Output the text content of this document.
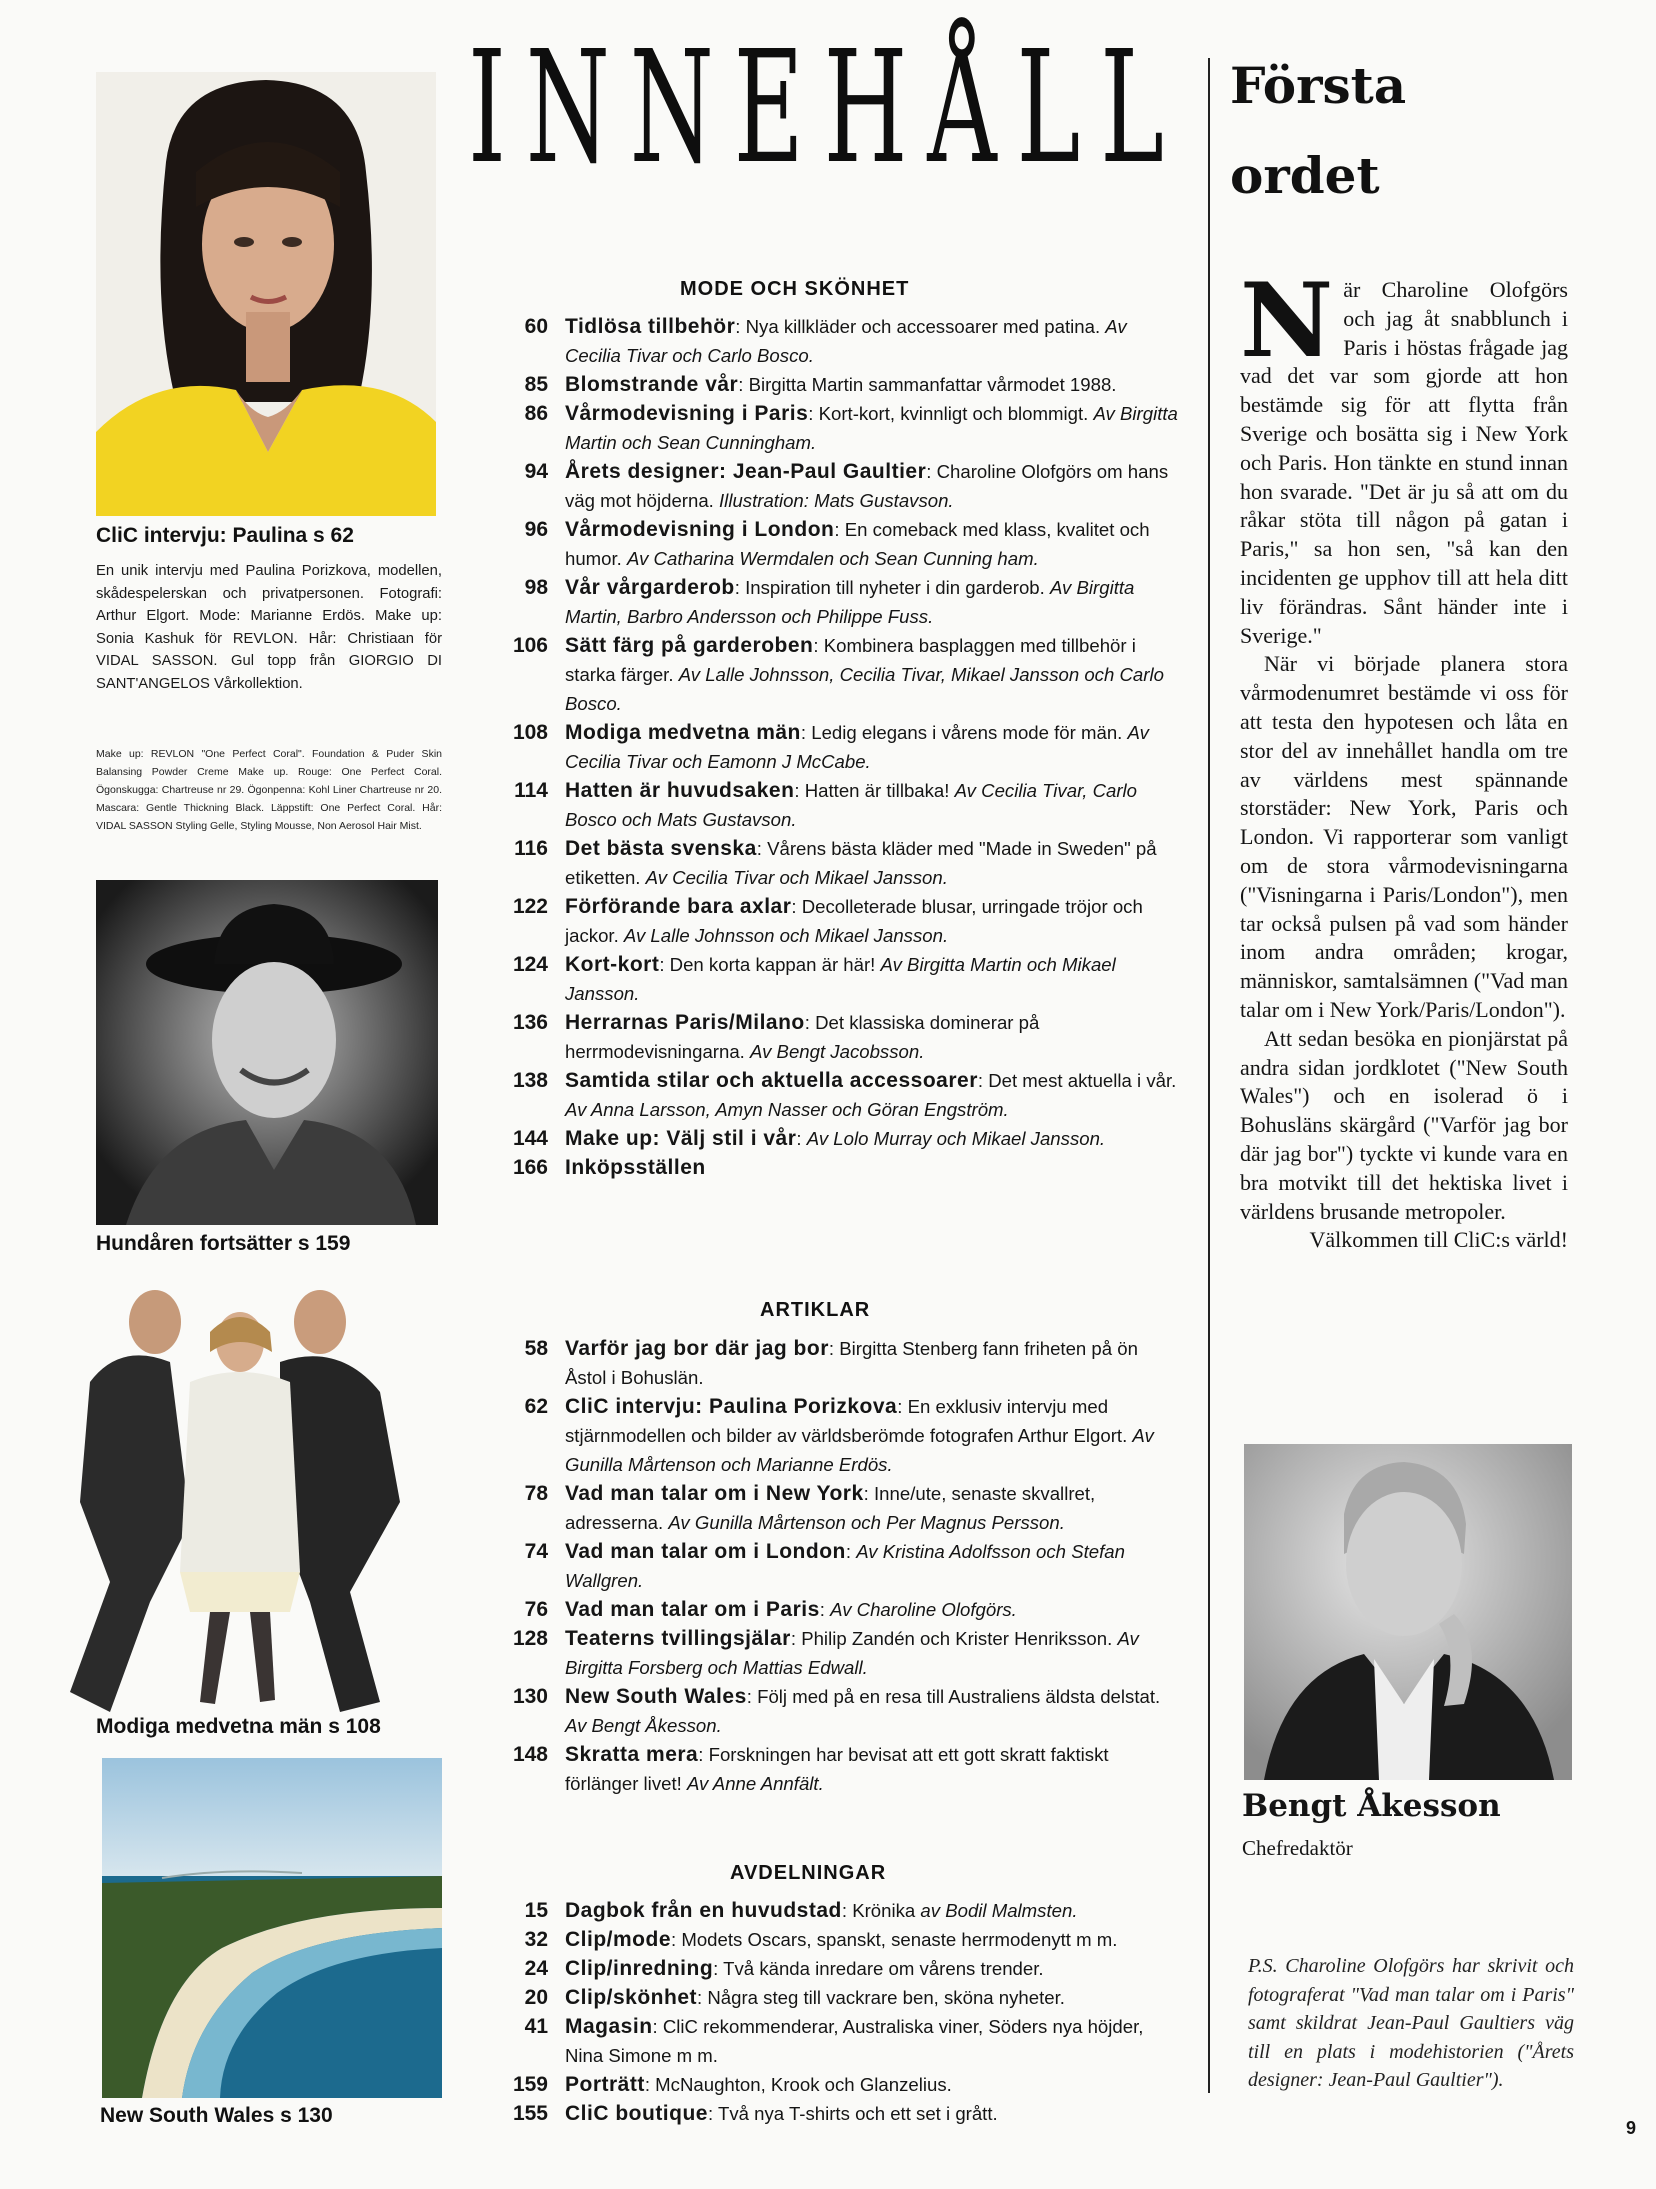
CliC intervju: Paulina s 62
En unik intervju med Paulina Porizkova, modellen, skådespelerskan och privatpersonen. Fotografi: Arthur Elgort. Mode: Marianne Erdös. Make up: Sonia Kashuk för REVLON. Hår: Christiaan för VIDAL SASSON. Gul topp från GIORGIO DI SANT'ANGELOS Vårkollektion.
Make up: REVLON "One Perfect Coral". Foundation & Puder Skin Balansing Powder Creme Make up. Rouge: One Perfect Coral. Ögonskugga: Chartreuse nr 29. Ögonpenna: Kohl Liner Chartreuse nr 20. Mascara: Gentle Thickning Black. Läppstift: One Perfect Coral. Hår: VIDAL SASSON Styling Gelle, Styling Mousse, Non Aerosol Hair Mist.
Hundåren fortsätter s 159
Modiga medvetna män s 108
New South Wales s 130
INNEHÅLL
MODE OCH SKÖNHET
60 Tidlösa tillbehör: Nya killkläder och accessoarer med patina. Av Cecilia Tivar och Carlo Bosco.
85 Blomstrande vår: Birgitta Martin sammanfattar vårmodet 1988.
86 Vårmodevisning i Paris: Kort-kort, kvinnligt och blommigt. Av Birgitta Martin och Sean Cunningham.
94 Årets designer: Jean-Paul Gaultier: Charoline Olofgörs om hans väg mot höjderna. Illustration: Mats Gustavson.
96 Vårmodevisning i London: En comeback med klass, kvalitet och humor. Av Catharina Wermdalen och Sean Cunning ham.
98 Vår vårgarderob: Inspiration till nyheter i din garderob. Av Birgitta Martin, Barbro Andersson och Philippe Fuss.
106 Sätt färg på garderoben: Kombinera basplaggen med tillbehör i starka färger. Av Lalle Johnsson, Cecilia Tivar, Mikael Jansson och Carlo Bosco.
108 Modiga medvetna män: Ledig elegans i vårens mode för män. Av Cecilia Tivar och Eamonn J McCabe.
114 Hatten är huvudsaken: Hatten är tillbaka! Av Cecilia Tivar, Carlo Bosco och Mats Gustavson.
116 Det bästa svenska: Vårens bästa kläder med "Made in Sweden" på etiketten. Av Cecilia Tivar och Mikael Jansson.
122 Förförande bara axlar: Decolleterade blusar, urringade tröjor och jackor. Av Lalle Johnsson och Mikael Jansson.
124 Kort-kort: Den korta kappan är här! Av Birgitta Martin och Mikael Jansson.
136 Herrarnas Paris/Milano: Det klassiska dominerar på herrmodevisningarna. Av Bengt Jacobsson.
138 Samtida stilar och aktuella accessoarer: Det mest aktuella i vår. Av Anna Larsson, Amyn Nasser och Göran Engström.
144 Make up: Välj stil i vår: Av Lolo Murray och Mikael Jansson.
166 Inköpsställen
ARTIKLAR
58 Varför jag bor där jag bor: Birgitta Stenberg fann friheten på ön Åstol i Bohuslän.
62 CliC intervju: Paulina Porizkova: En exklusiv intervju med stjärnmodellen och bilder av världsberömde fotografen Arthur Elgort. Av Gunilla Mårtenson och Marianne Erdös.
78 Vad man talar om i New York: Inne/ute, senaste skvallret, adresserna. Av Gunilla Mårtenson och Per Magnus Persson.
74 Vad man talar om i London: Av Kristina Adolfsson och Stefan Wallgren.
76 Vad man talar om i Paris: Av Charoline Olofgörs.
128 Teaterns tvillingsjälar: Philip Zandén och Krister Henriksson. Av Birgitta Forsberg och Mattias Edwall.
130 New South Wales: Följ med på en resa till Australiens äldsta delstat. Av Bengt Åkesson.
148 Skratta mera: Forskningen har bevisat att ett gott skratt faktiskt förlänger livet! Av Anne Annfält.
AVDELNINGAR
15 Dagbok från en huvudstad: Krönika av Bodil Malmsten.
32 Clip/mode: Modets Oscars, spanskt, senaste herrmodenytt m m.
24 Clip/inredning: Två kända inredare om vårens trender.
20 Clip/skönhet: Några steg till vackrare ben, sköna nyheter.
41 Magasin: CliC rekommenderar, Australiska viner, Söders nya höjder, Nina Simone m m.
159 Porträtt: McNaughton, Krook och Glanzelius.
155 CliC boutique: Två nya T-shirts och ett set i grått.
Första
ordet

När Charoline Olofgörs och jag åt snabblunch i Paris i höstas frågade jag vad det var som gjorde att hon bestämde sig för att flytta från Sverige och bosätta sig i New York och Paris. Hon tänkte en stund innan hon svarade. "Det är ju så att om du råkar stöta till någon på gatan i Paris," sa hon sen, "så kan den incidenten ge upphov till att hela ditt liv förändras. Sånt händer inte i Sverige."

När vi började planera stora vårmodenumret bestämde vi oss för att testa den hypotesen och låta en stor del av innehållet handla om tre av världens mest spännande storstäder: New York, Paris och London. Vi rapporterar som vanligt om de stora vårmodevisningarna ("Visningarna i Paris/London"), men tar också pulsen på vad som händer inom andra områden; krogar, människor, samtalsämnen ("Vad man talar om i New York/Paris/London").

Att sedan besöka en pionjärstat på andra sidan jordklotet ("New South Wales") och en isolerad ö i Bohusläns skärgård ("Varför jag bor där jag bor") tyckte vi kunde vara en bra motvikt till det hektiska livet i världens brusande metropoler.

Välkommen till CliC:s värld!

Bengt Åkesson
Chefredaktör
P.S. Charoline Olofgörs har skrivit och fotograferat "Vad man talar om i Paris" samt skildrat Jean-Paul Gaultiers väg till en plats i modehistorien ("Årets designer: Jean-Paul Gaultier").
9
